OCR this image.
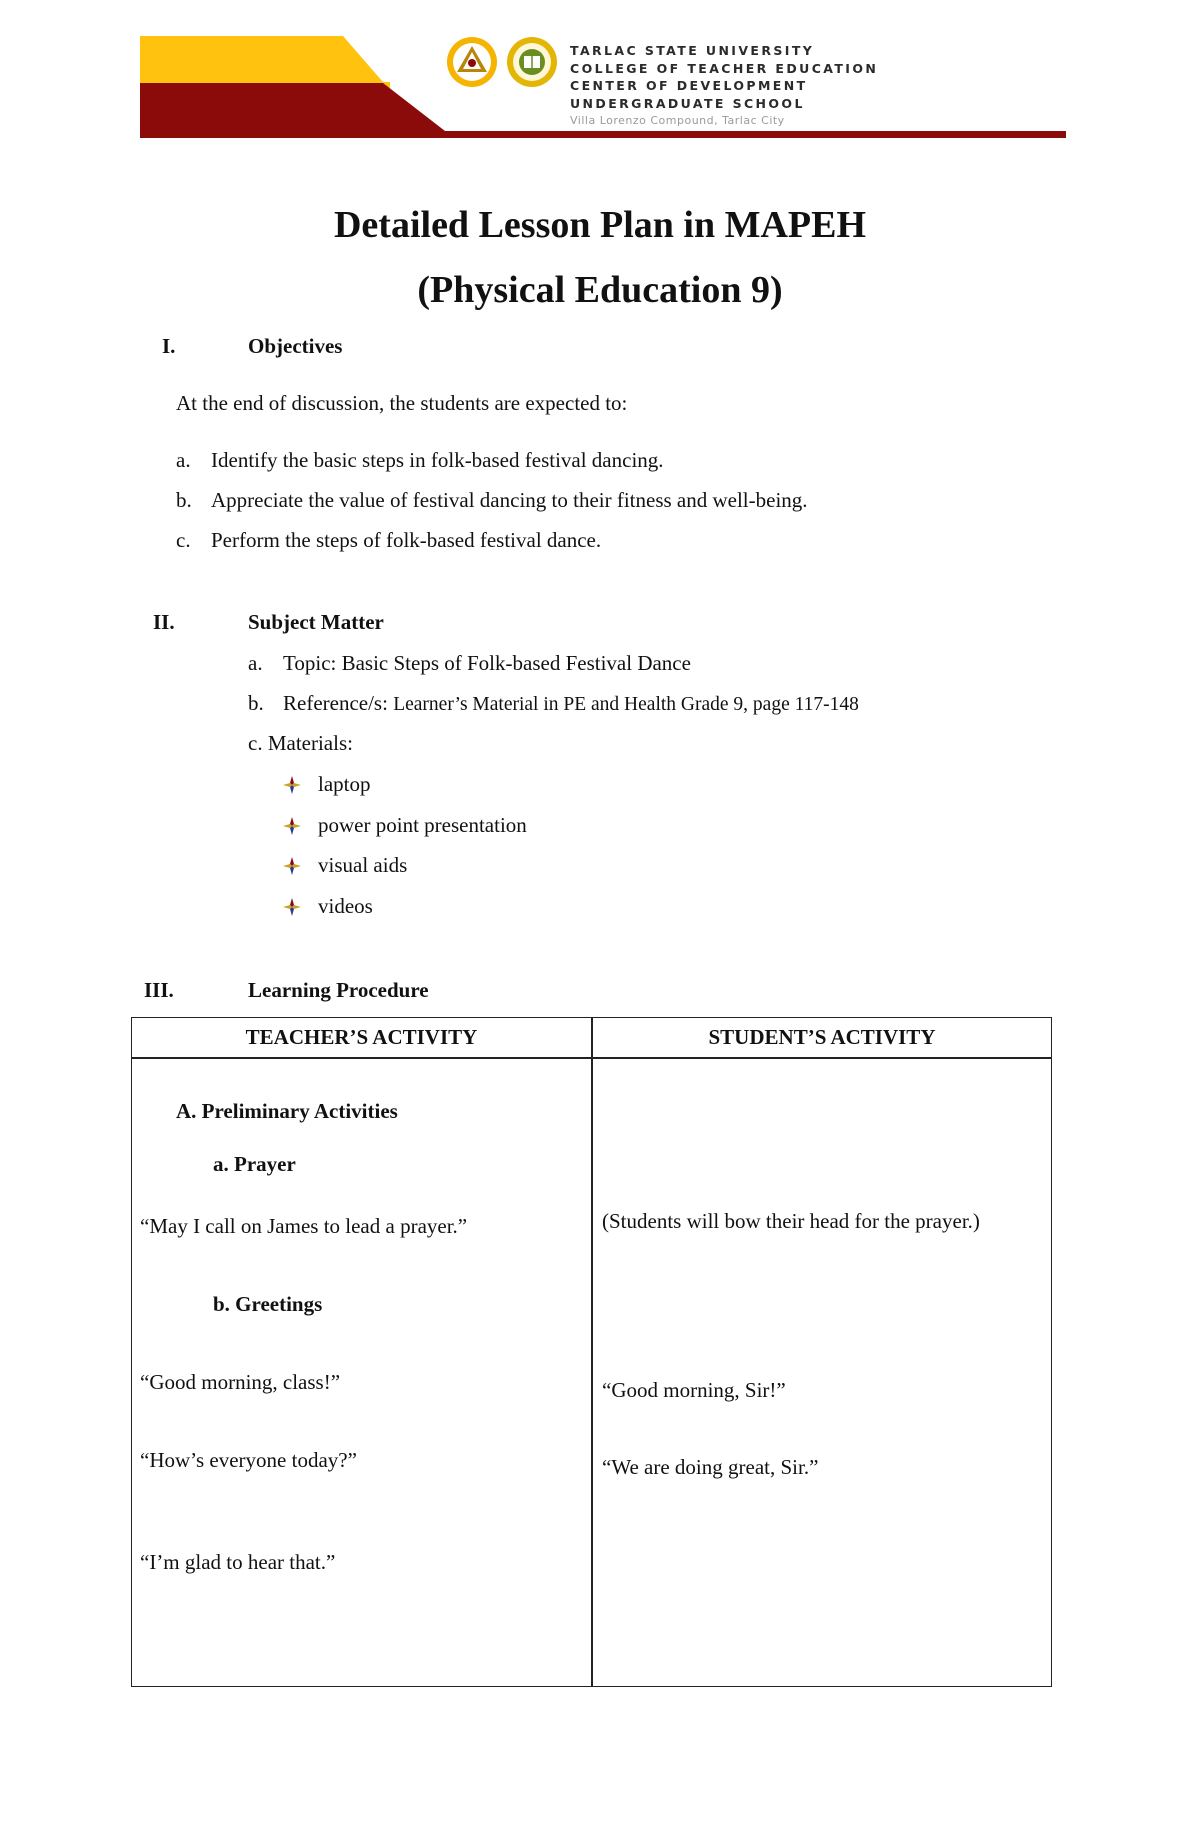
TARLAC STATE UNIVERSITY
COLLEGE OF TEACHER EDUCATION
CENTER OF DEVELOPMENT
UNDERGRADUATE SCHOOL
Villa Lorenzo Compound, Tarlac City
Detailed Lesson Plan in MAPEH
(Physical Education 9)
I.	Objectives
At the end of discussion, the students are expected to:
a. Identify the basic steps in folk-based festival dancing.
b. Appreciate the value of festival dancing to their fitness and well-being.
c. Perform the steps of folk-based festival dance.
II.	Subject Matter
a. Topic: Basic Steps of Folk-based Festival Dance
b. Reference/s: Learner’s Material in PE and Health Grade 9, page 117-148
c. Materials:
laptop
power point presentation
visual aids
videos
III.	Learning Procedure
TEACHER’S ACTIVITY	STUDENT’S ACTIVITY
A. Preliminary Activities
a. Prayer
“May I call on James to lead a prayer.”	(Students will bow their head for the prayer.)
b. Greetings
“Good morning, class!”	“Good morning, Sir!”
“How’s everyone today?”	“We are doing great, Sir.”
“I’m glad to hear that.”
